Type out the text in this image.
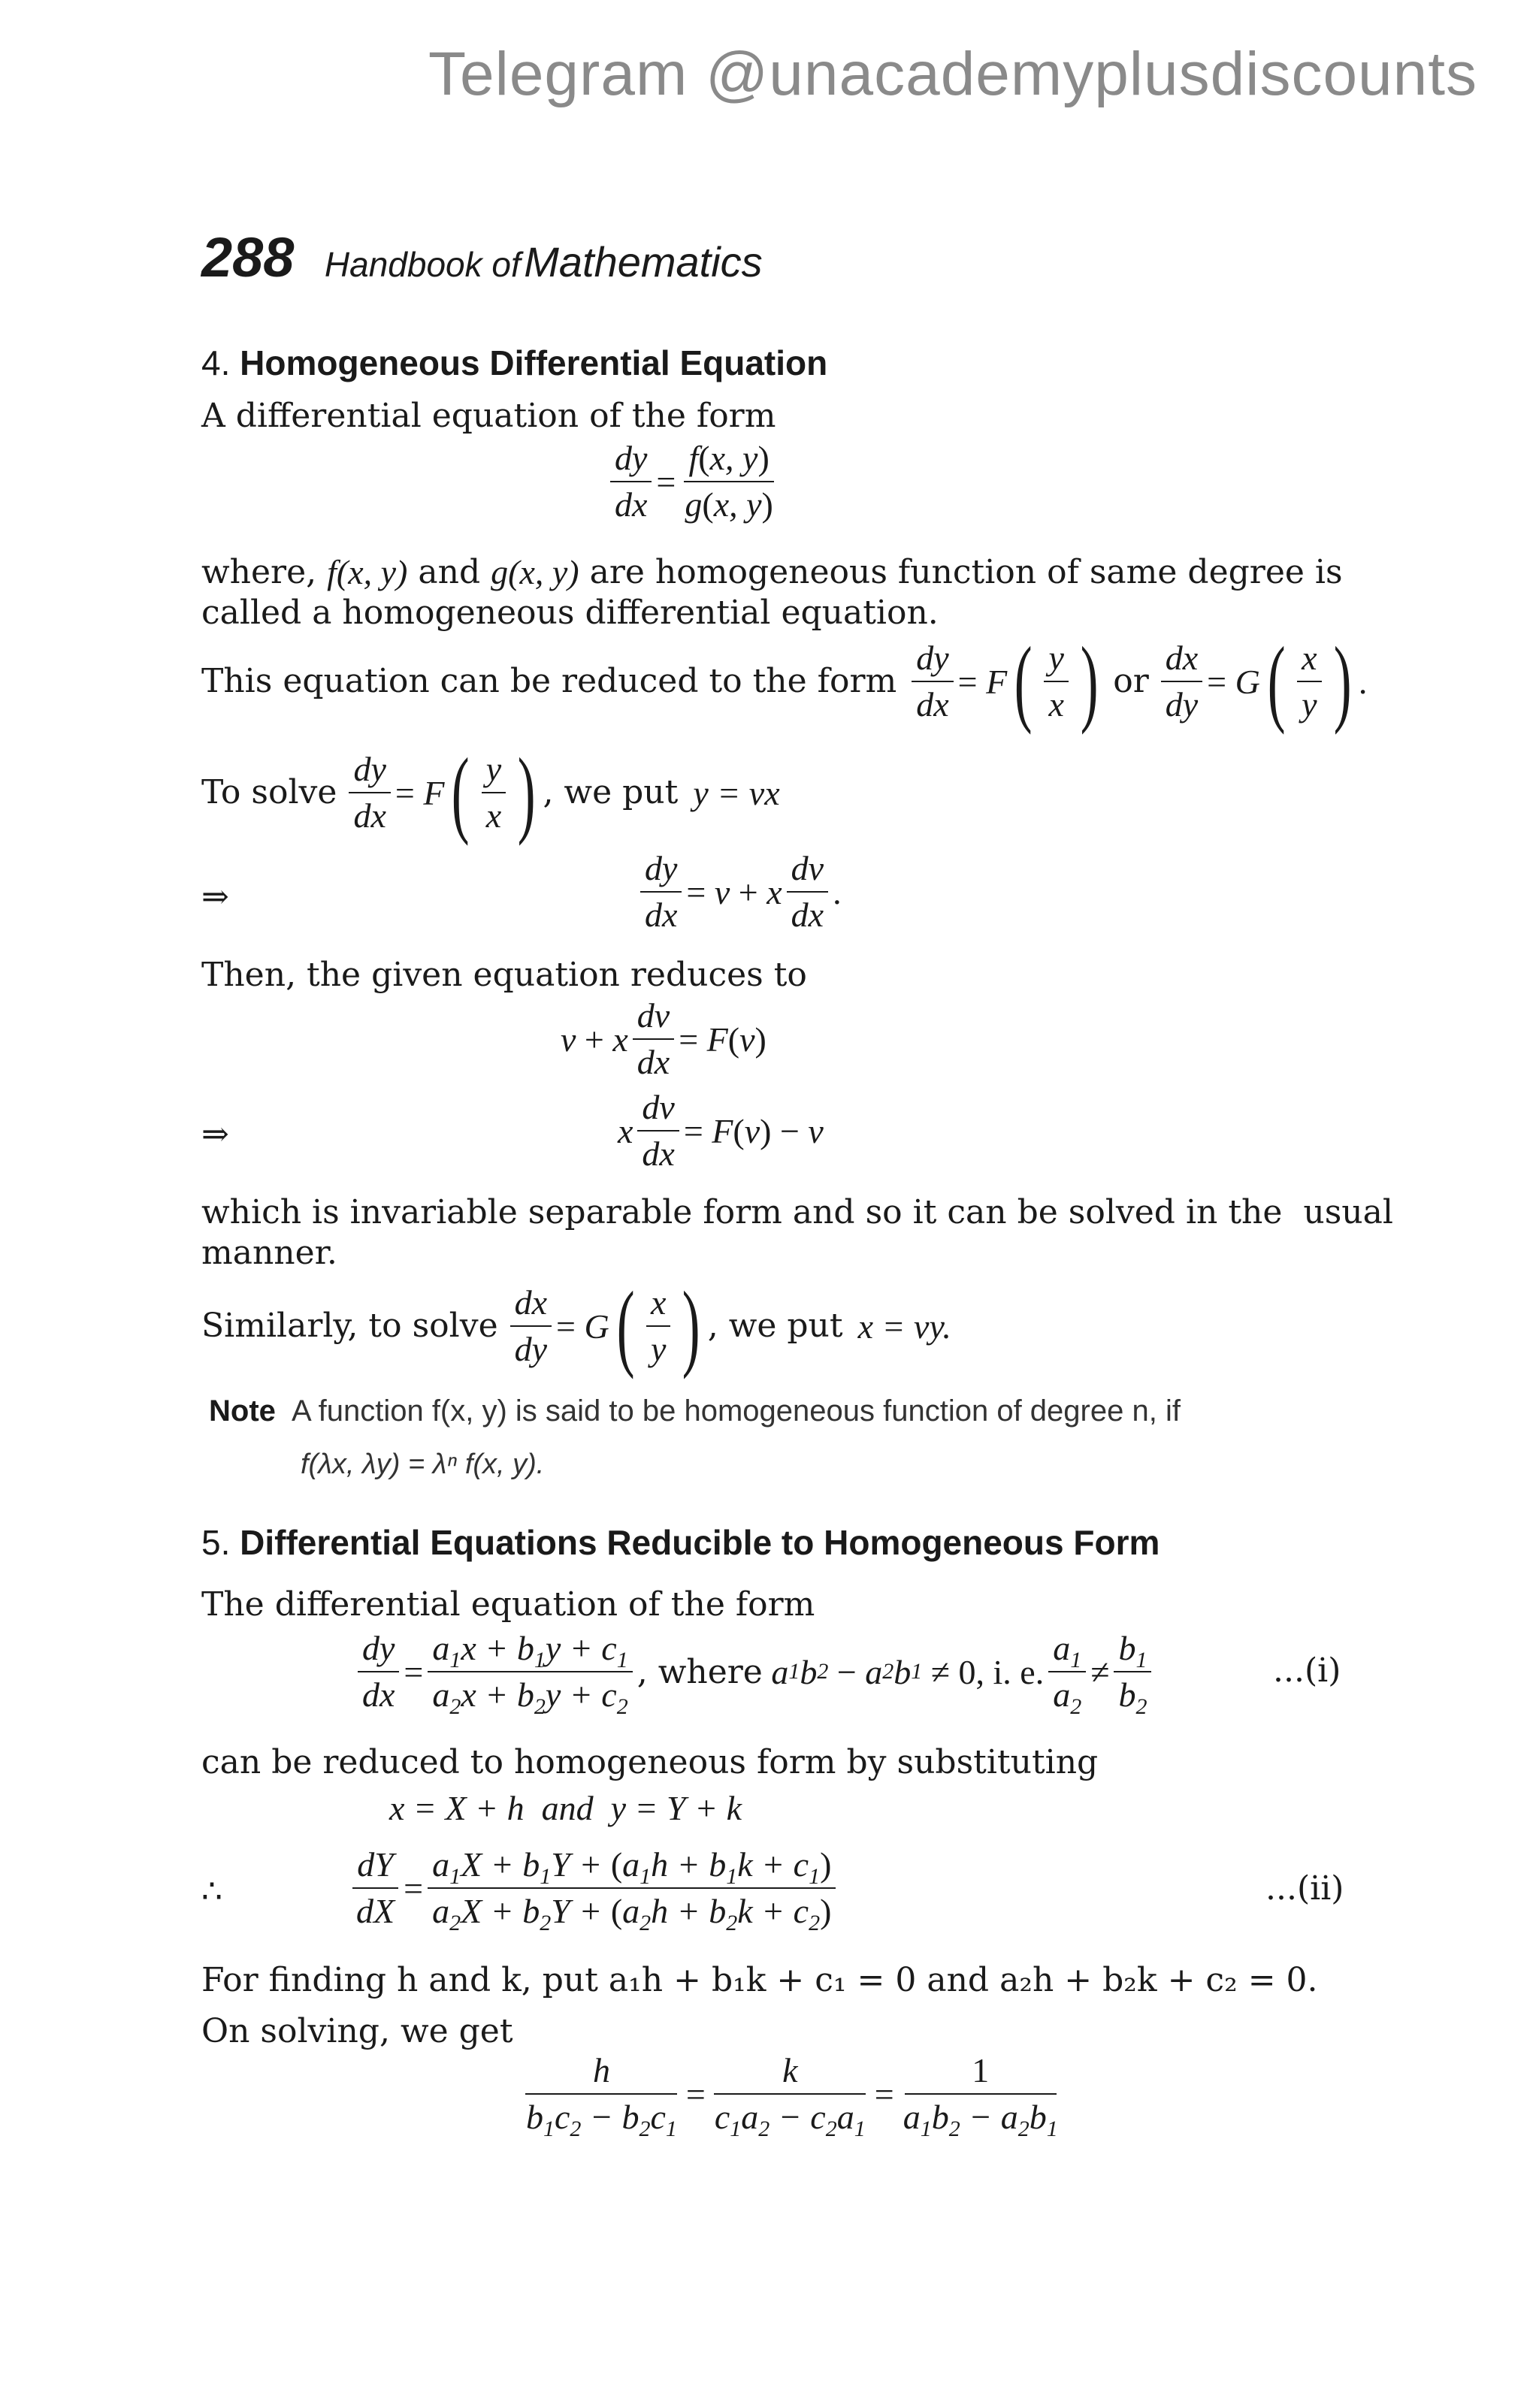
Telegram @unacademyplusdiscounts
288 Handbook of Mathematics
4. Homogeneous Differential Equation
A differential equation of the form
$\frac{dy}{dx} = \frac{f(x, y)}{g(x, y)}$
where, f(x, y) and g(x, y) are homogeneous function of same degree is
called a homogeneous differential equation.
This equation can be reduced to the form $\frac{dy}{dx} = F$ ( $\frac{y}{x}$ ) or $\frac{dx}{dy} = G$ ( $\frac{x}{y}$ ) .
To solve $\frac{dy}{dx} = F$ ( $\frac{y}{x}$ ) , we put y = vx
⇒	$\frac{dy}{dx} = v + x \frac{dv}{dx}$ .
Then, the given equation reduces to
v + x $\frac{dv}{dx} = F$ ( v )
⇒	x $\frac{dv}{dx} = F$ ( v ) − v
which is invariable separable form and so it can be solved in the  usual
manner.
Similarly, to solve $\frac{dx}{dy} = G$ ( $\frac{x}{y}$ ) , we put x = vy.
Note A function f(x, y) is said to be homogeneous function of degree n, if
f(λx, λy) = λⁿ f(x, y).
5. Differential Equations Reducible to Homogeneous Form
The differential equation of the form
$\frac{dy}{dx} = \frac{a_1x + b_1y + c_1}{a_2x + b_2y + c_2}$ , where a 1 b 2 − a 2 b 1 ≠ 0, i. e. $\frac{a_1}{a_2} \ne \frac{b_1}{b_2}$	...(i)
can be reduced to homogeneous form by substituting
x = X + h  and  y = Y + k
∴	$\frac{dY}{dX} = \frac{a_1X + b_1Y + (a_1h + b_1k + c_1)}{a_2X + b_2Y + (a_2h + b_2k + c_2)}$	...(ii)
For finding h and k, put a₁h + b₁k + c₁ = 0 and a₂h + b₂k + c₂ = 0.
On solving, we get
$\frac{h}{b_1c_2 - b_2c_1} = \frac{k}{c_1a_2 - c_2a_1} = \frac{1}{a_1b_2 - a_2b_1}$
